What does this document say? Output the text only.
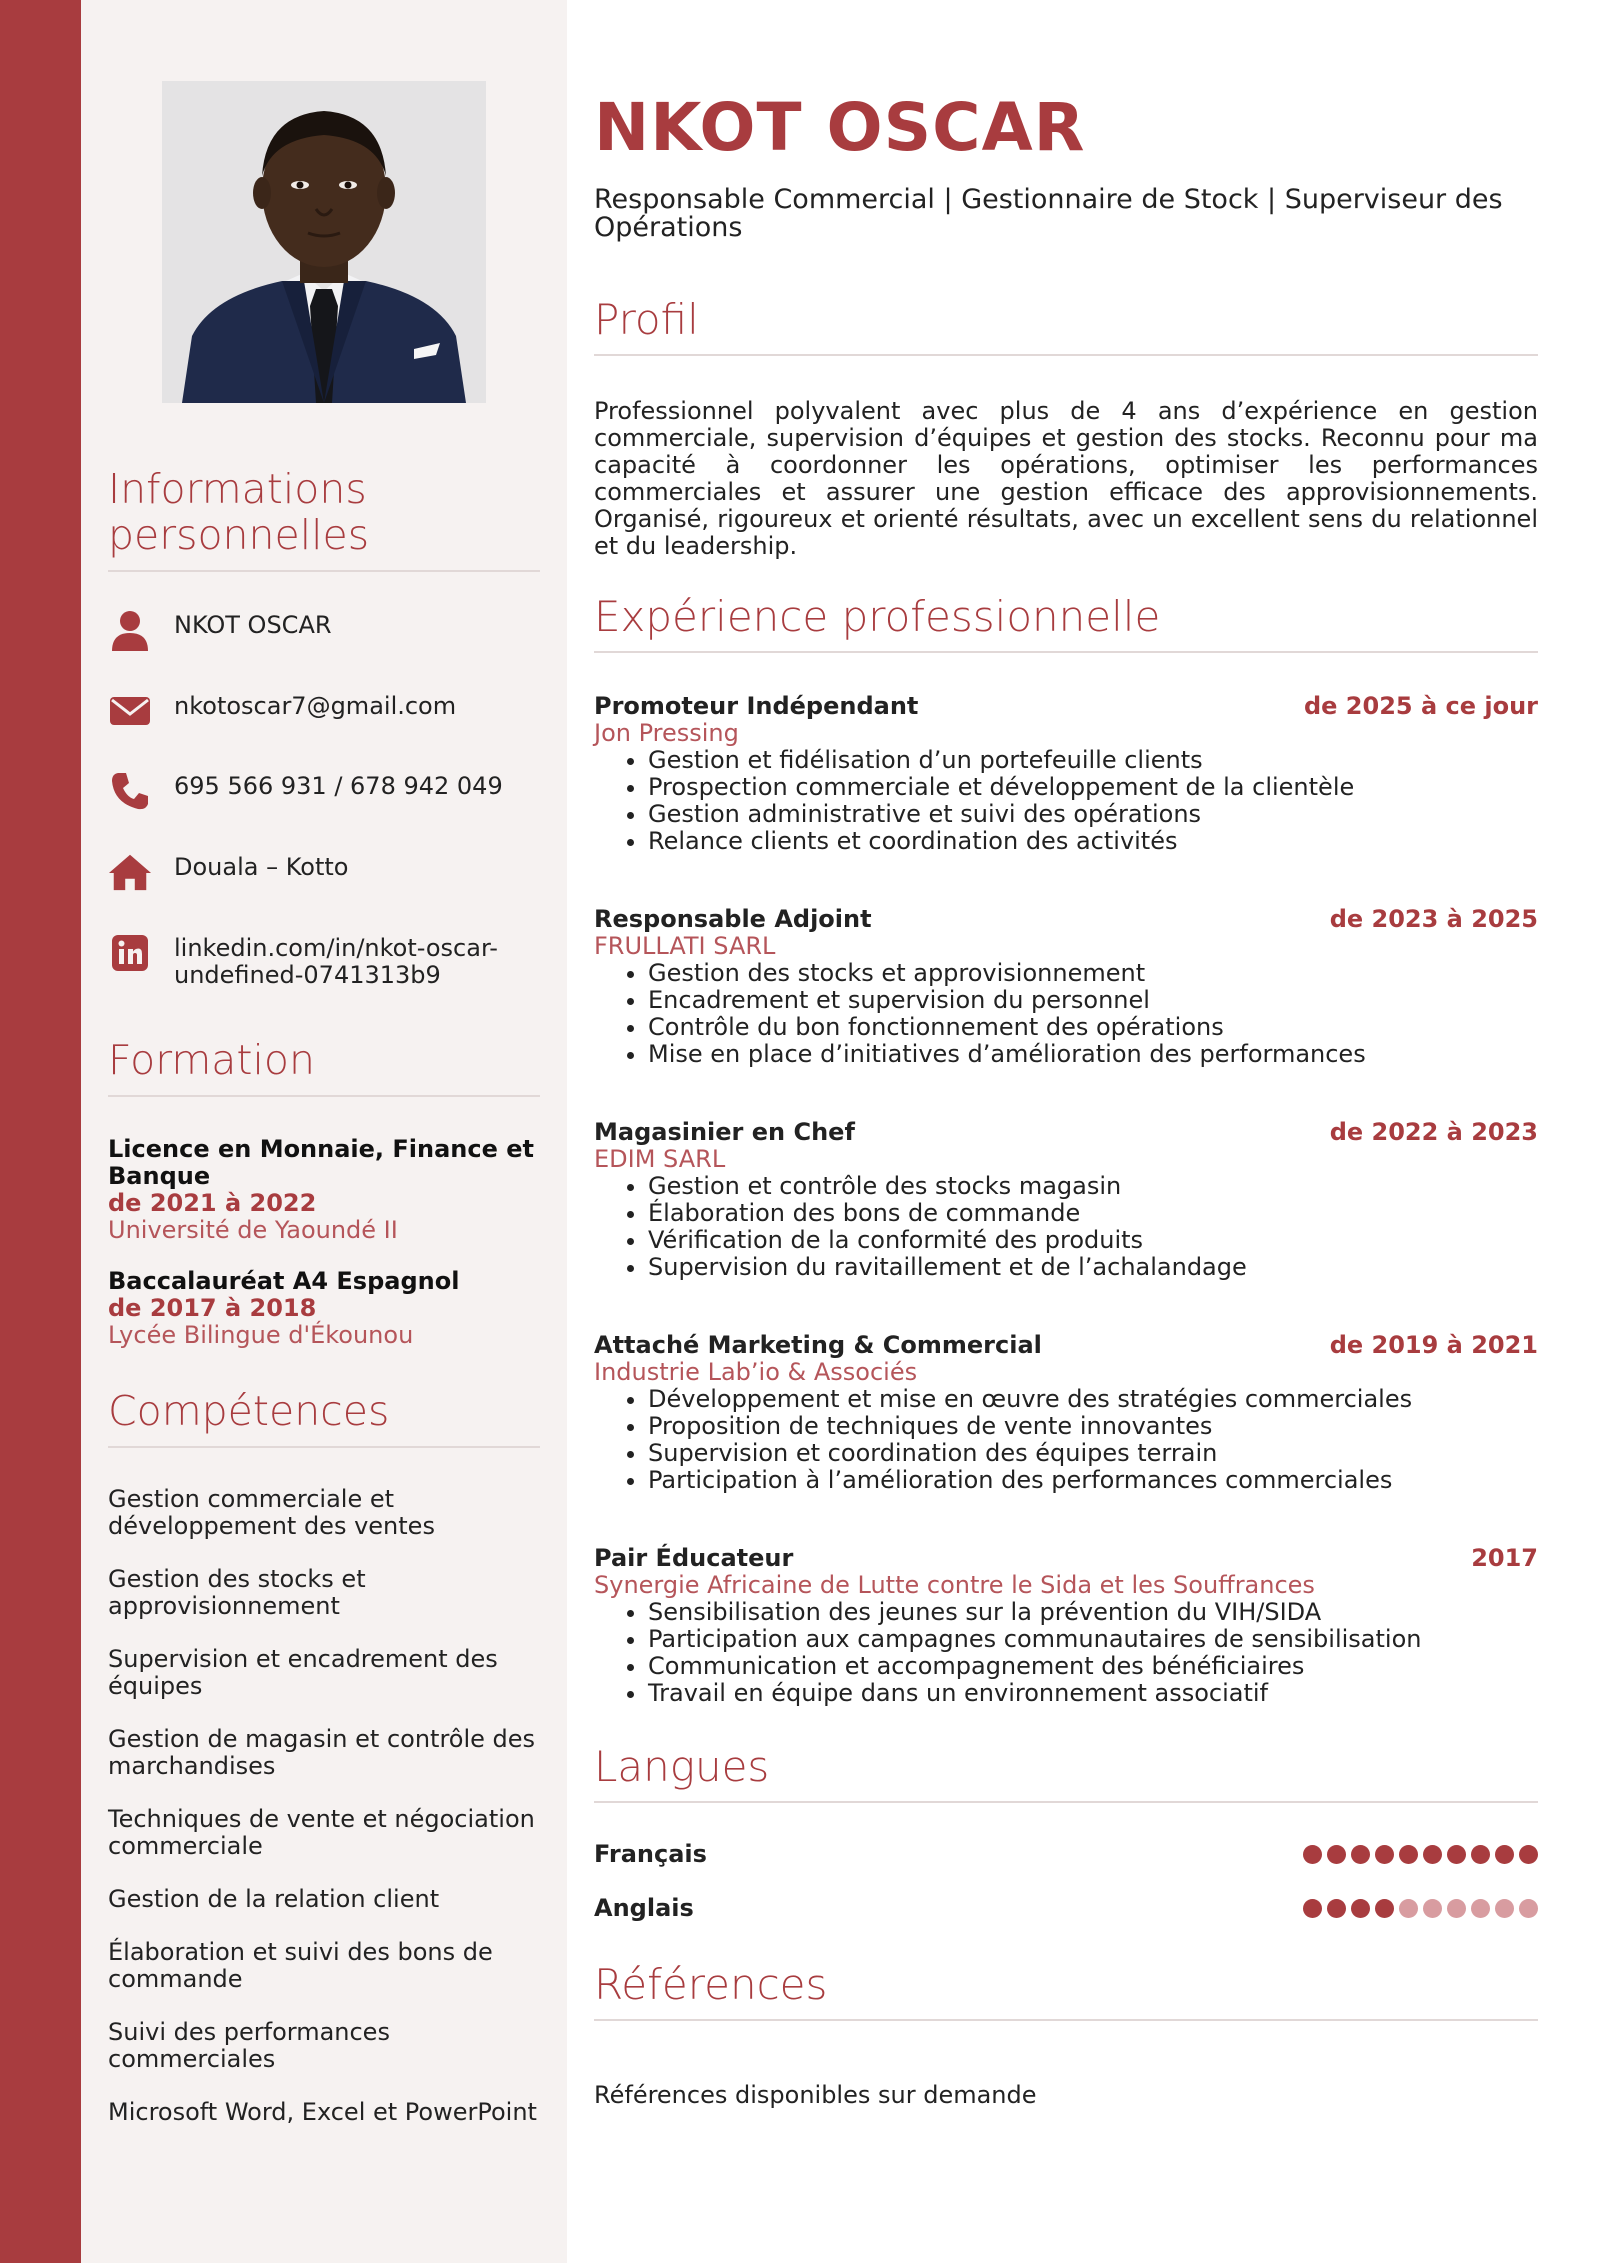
Informations personnelles
NKOT OSCAR
nkotoscar7@gmail.com
695 566 931 / 678 942 049
Douala – Kotto
linkedin.com/in/nkot-oscar-undefined-0741313b9
Formation
Licence en Monnaie, Finance et Banque
de 2021 à 2022
Université de Yaoundé II
Baccalauréat A4 Espagnol
de 2017 à 2018
Lycée Bilingue d'Ékounou
Compétences
Gestion commerciale et développement des ventes
Gestion des stocks et approvisionnement
Supervision et encadrement des équipes
Gestion de magasin et contrôle des marchandises
Techniques de vente et négociation commerciale
Gestion de la relation client
Élaboration et suivi des bons de commande
Suivi des performances commerciales
Microsoft Word, Excel et PowerPoint
NKOT OSCAR
Responsable Commercial | Gestionnaire de Stock | Superviseur des Opérations
Profil
Professionnel polyvalent avec plus de 4 ans d’expérience en gestion commerciale, supervision d’équipes et gestion des stocks. Reconnu pour ma capacité à coordonner les opérations, optimiser les performances commerciales et assurer une gestion efficace des approvisionnements. Organisé, rigoureux et orienté résultats, avec un excellent sens du relationnel et du leadership.
Expérience professionnelle
Promoteur Indépendant	de 2025 à ce jour
Jon Pressing
• Gestion et fidélisation d’un portefeuille clients
• Prospection commerciale et développement de la clientèle
• Gestion administrative et suivi des opérations
• Relance clients et coordination des activités
Responsable Adjoint	de 2023 à 2025
FRULLATI SARL
• Gestion des stocks et approvisionnement
• Encadrement et supervision du personnel
• Contrôle du bon fonctionnement des opérations
• Mise en place d’initiatives d’amélioration des performances
Magasinier en Chef	de 2022 à 2023
EDIM SARL
• Gestion et contrôle des stocks magasin
• Élaboration des bons de commande
• Vérification de la conformité des produits
• Supervision du ravitaillement et de l’achalandage
Attaché Marketing & Commercial	de 2019 à 2021
Industrie Lab’io & Associés
• Développement et mise en œuvre des stratégies commerciales
• Proposition de techniques de vente innovantes
• Supervision et coordination des équipes terrain
• Participation à l’amélioration des performances commerciales
Pair Éducateur	2017
Synergie Africaine de Lutte contre le Sida et les Souffrances
• Sensibilisation des jeunes sur la prévention du VIH/SIDA
• Participation aux campagnes communautaires de sensibilisation
• Communication et accompagnement des bénéficiaires
• Travail en équipe dans un environnement associatif
Langues
Français
Anglais
Références
Références disponibles sur demande
